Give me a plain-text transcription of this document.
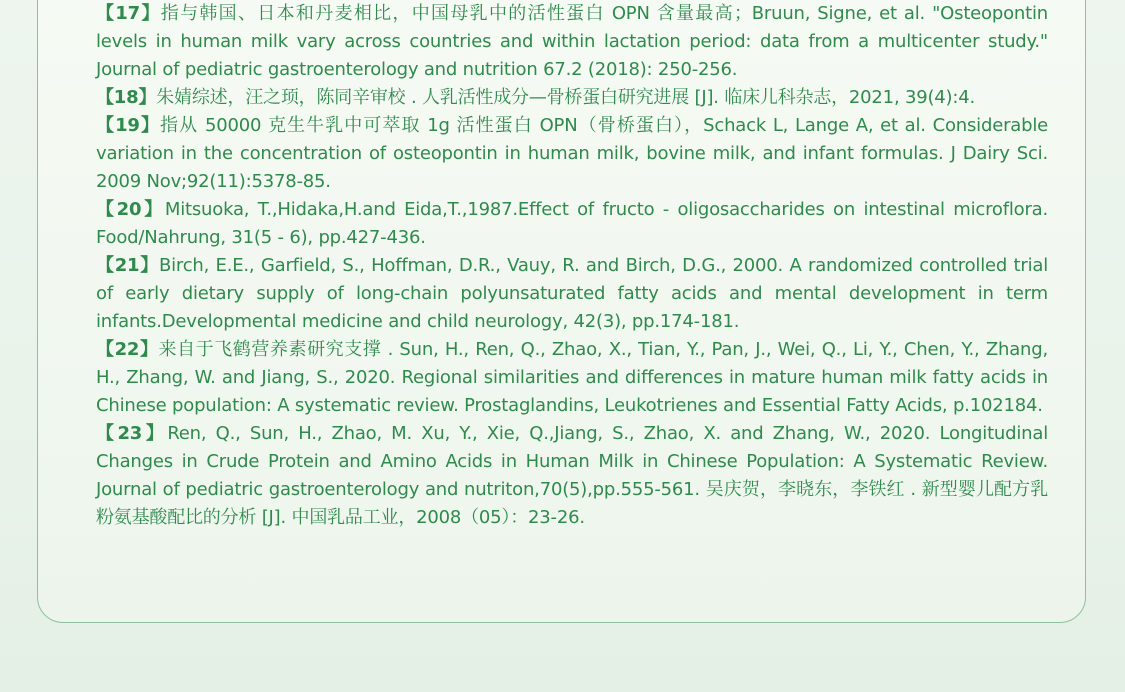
【17】指与韩国、日本和丹麦相比，中国母乳中的活性蛋白 OPN 含量最高；Bruun, Signe, et al. "Osteopontin levels in human milk vary across countries and within lactation period: data from a multicenter study." Journal of pediatric gastroenterology and nutrition 67.2 (2018): 250-256.
【18】朱婧综述，汪之顼，陈同辛审校 . 人乳活性成分—骨桥蛋白研究进展 [J]. 临床儿科杂志，2021, 39(4):4.
【19】指从 50000 克生牛乳中可萃取 1g 活性蛋白 OPN（骨桥蛋白），Schack L, Lange A, et al. Considerable variation in the concentration of osteopontin in human milk, bovine milk, and infant formulas. J Dairy Sci. 2009 Nov;92(11):5378-85.
【20】Mitsuoka, T.,Hidaka,H.and Eida,T.,1987.Effect of fructo - oligosaccharides on intestinal microflora. Food/Nahrung, 31(5 - 6), pp.427-436.
【21】Birch, E.E., Garfield, S., Hoffman, D.R., Vauy, R. and Birch, D.G., 2000. A randomized controlled trial of early dietary supply of long-chain polyunsaturated fatty acids and mental development in term infants.Developmental medicine and child neurology, 42(3), pp.174-181.
【22】来自于飞鹤营养素研究支撑 . Sun, H., Ren, Q., Zhao, X., Tian, Y., Pan, J., Wei, Q., Li, Y., Chen, Y., Zhang, H., Zhang, W. and Jiang, S., 2020. Regional similarities and differences in mature human milk fatty acids in Chinese population: A systematic review. Prostaglandins, Leukotrienes and Essential Fatty Acids, p.102184.
【23】Ren, Q., Sun, H., Zhao, M. Xu, Y., Xie, Q.,Jiang, S., Zhao, X. and Zhang, W., 2020. Longitudinal Changes in Crude Protein and Amino Acids in Human Milk in Chinese Population: A Systematic Review. Journal of pediatric gastroenterology and nutriton,70(5),pp.555-561. 吴庆贺，李晓东，李铁红 . 新型婴儿配方乳粉氨基酸配比的分析 [J]. 中国乳品工业，2008（05）：23-26.
